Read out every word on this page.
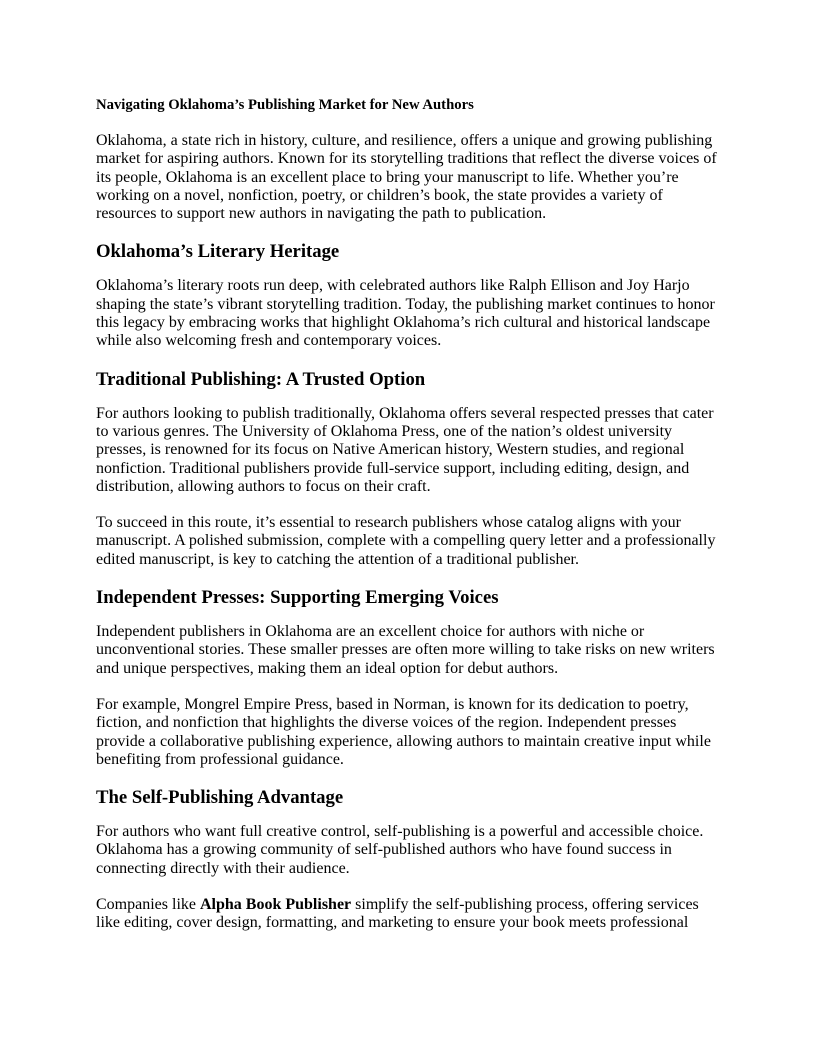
Navigating Oklahoma’s Publishing Market for New Authors

Oklahoma, a state rich in history, culture, and resilience, offers a unique and growing publishing market for aspiring authors. Known for its storytelling traditions that reflect the diverse voices of its people, Oklahoma is an excellent place to bring your manuscript to life. Whether you’re working on a novel, nonfiction, poetry, or children’s book, the state provides a variety of resources to support new authors in navigating the path to publication.

Oklahoma’s Literary Heritage

Oklahoma’s literary roots run deep, with celebrated authors like Ralph Ellison and Joy Harjo shaping the state’s vibrant storytelling tradition. Today, the publishing market continues to honor this legacy by embracing works that highlight Oklahoma’s rich cultural and historical landscape while also welcoming fresh and contemporary voices.

Traditional Publishing: A Trusted Option

For authors looking to publish traditionally, Oklahoma offers several respected presses that cater to various genres. The University of Oklahoma Press, one of the nation’s oldest university presses, is renowned for its focus on Native American history, Western studies, and regional nonfiction. Traditional publishers provide full-service support, including editing, design, and distribution, allowing authors to focus on their craft.

To succeed in this route, it’s essential to research publishers whose catalog aligns with your manuscript. A polished submission, complete with a compelling query letter and a professionally edited manuscript, is key to catching the attention of a traditional publisher.

Independent Presses: Supporting Emerging Voices

Independent publishers in Oklahoma are an excellent choice for authors with niche or unconventional stories. These smaller presses are often more willing to take risks on new writers and unique perspectives, making them an ideal option for debut authors.

For example, Mongrel Empire Press, based in Norman, is known for its dedication to poetry, fiction, and nonfiction that highlights the diverse voices of the region. Independent presses provide a collaborative publishing experience, allowing authors to maintain creative input while benefiting from professional guidance.

The Self-Publishing Advantage

For authors who want full creative control, self-publishing is a powerful and accessible choice. Oklahoma has a growing community of self-published authors who have found success in connecting directly with their audience.

Companies like Alpha Book Publisher simplify the self-publishing process, offering services like editing, cover design, formatting, and marketing to ensure your book meets professional
